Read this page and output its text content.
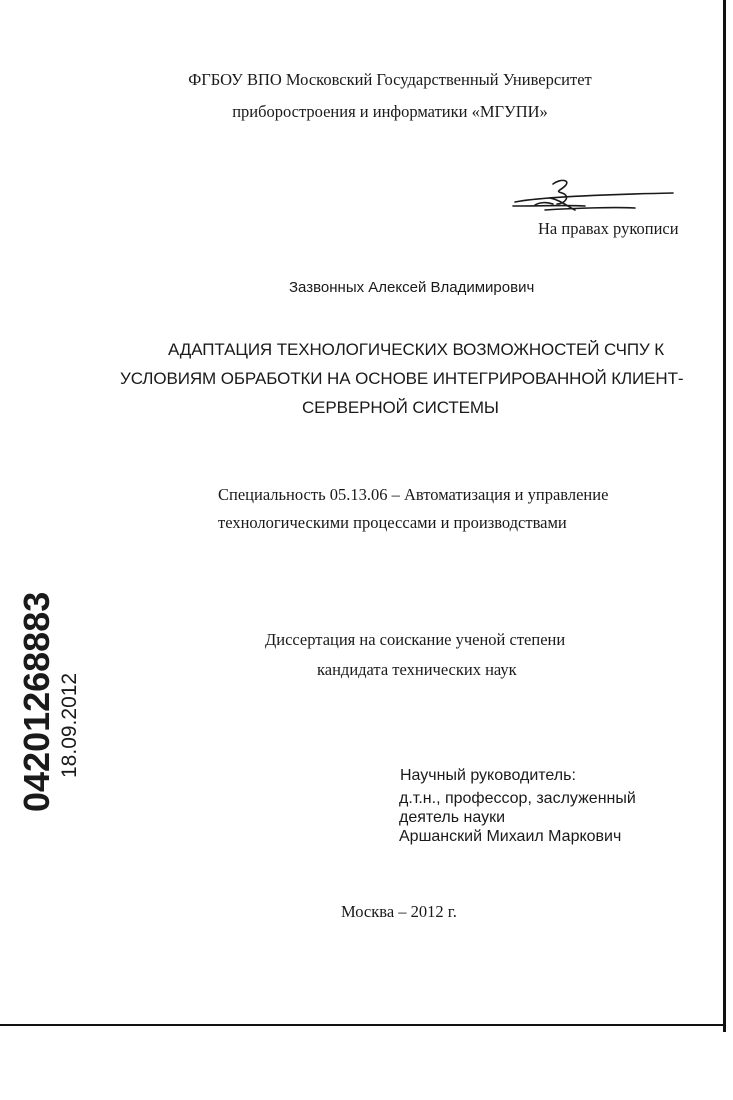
ФГБОУ ВПО Московский Государственный Университет
приборостроения и информатики «МГУПИ»
На правах рукописи
Зазвонных Алексей Владимирович
АДАПТАЦИЯ ТЕХНОЛОГИЧЕСКИХ ВОЗМОЖНОСТЕЙ СЧПУ К
УСЛОВИЯМ ОБРАБОТКИ НА ОСНОВЕ ИНТЕГРИРОВАННОЙ КЛИЕНТ-
СЕРВЕРНОЙ СИСТЕМЫ
Специальность 05.13.06 – Автоматизация и управление
технологическими процессами и производствами
Диссертация на соискание ученой степени
кандидата технических наук
Научный руководитель:
д.т.н., профессор, заслуженный
деятель науки
Аршанский Михаил Маркович
Москва – 2012 г.
04201268883 18.09.2012
